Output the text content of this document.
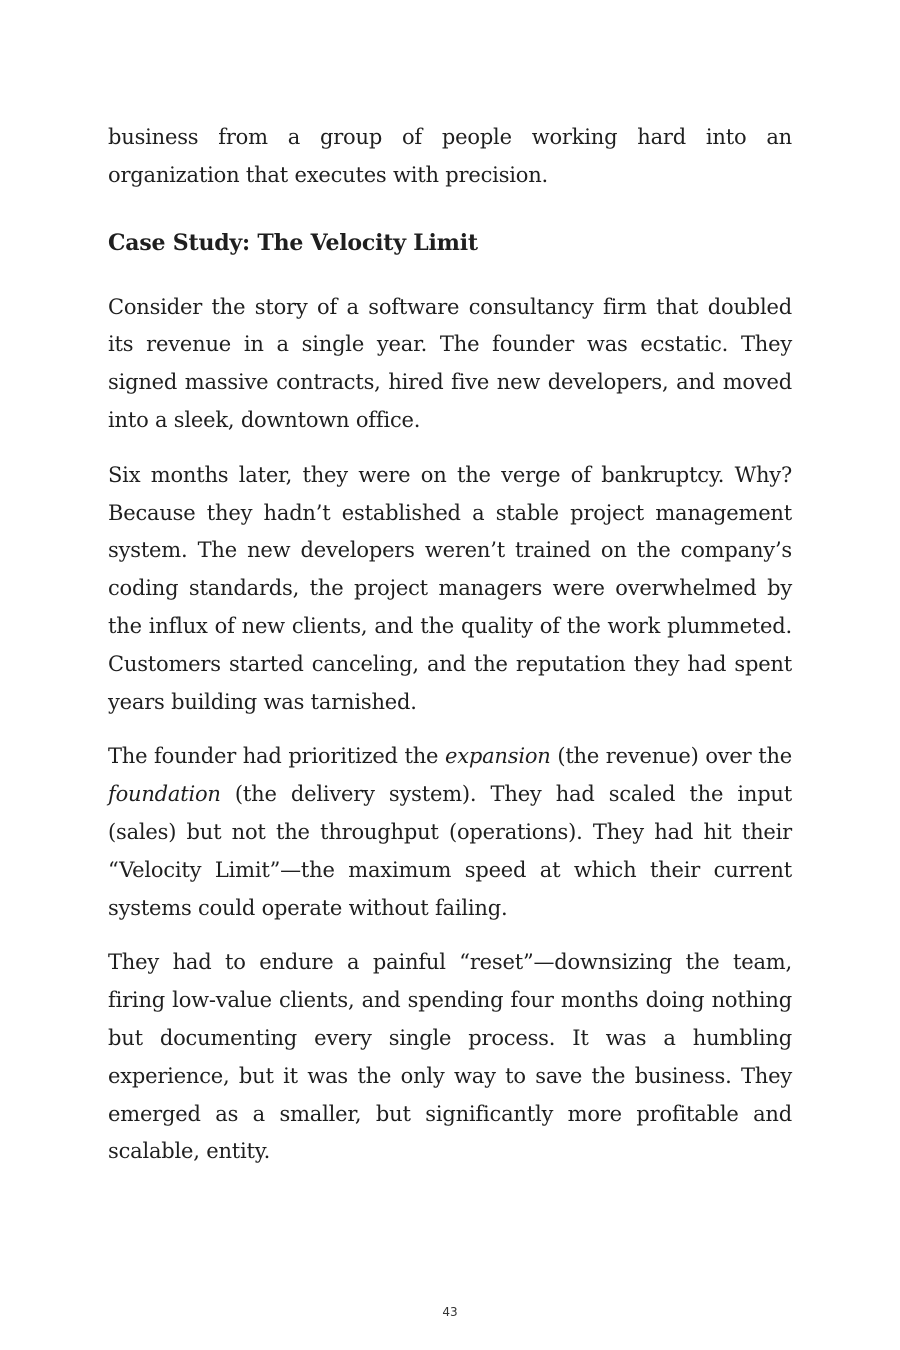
business from a group of people working hard into an organization that executes with precision.

Case Study: The Velocity Limit

Consider the story of a software consultancy firm that doubled its revenue in a single year. The founder was ecstatic. They signed massive contracts, hired five new developers, and moved into a sleek, downtown office.

Six months later, they were on the verge of bankruptcy. Why? Because they hadn’t established a stable project management system. The new developers weren’t trained on the company’s coding standards, the project managers were overwhelmed by the influx of new clients, and the quality of the work plummeted. Customers started canceling, and the reputation they had spent years building was tarnished.

The founder had prioritized the expansion (the revenue) over the foundation (the delivery system). They had scaled the input (sales) but not the throughput (operations). They had hit their “Velocity Limit”—the maximum speed at which their current systems could operate without failing.

They had to endure a painful “reset”—downsizing the team, firing low-value clients, and spending four months doing nothing but documenting every single process. It was a humbling experience, but it was the only way to save the business. They emerged as a smaller, but significantly more profitable and scalable, entity.

43
